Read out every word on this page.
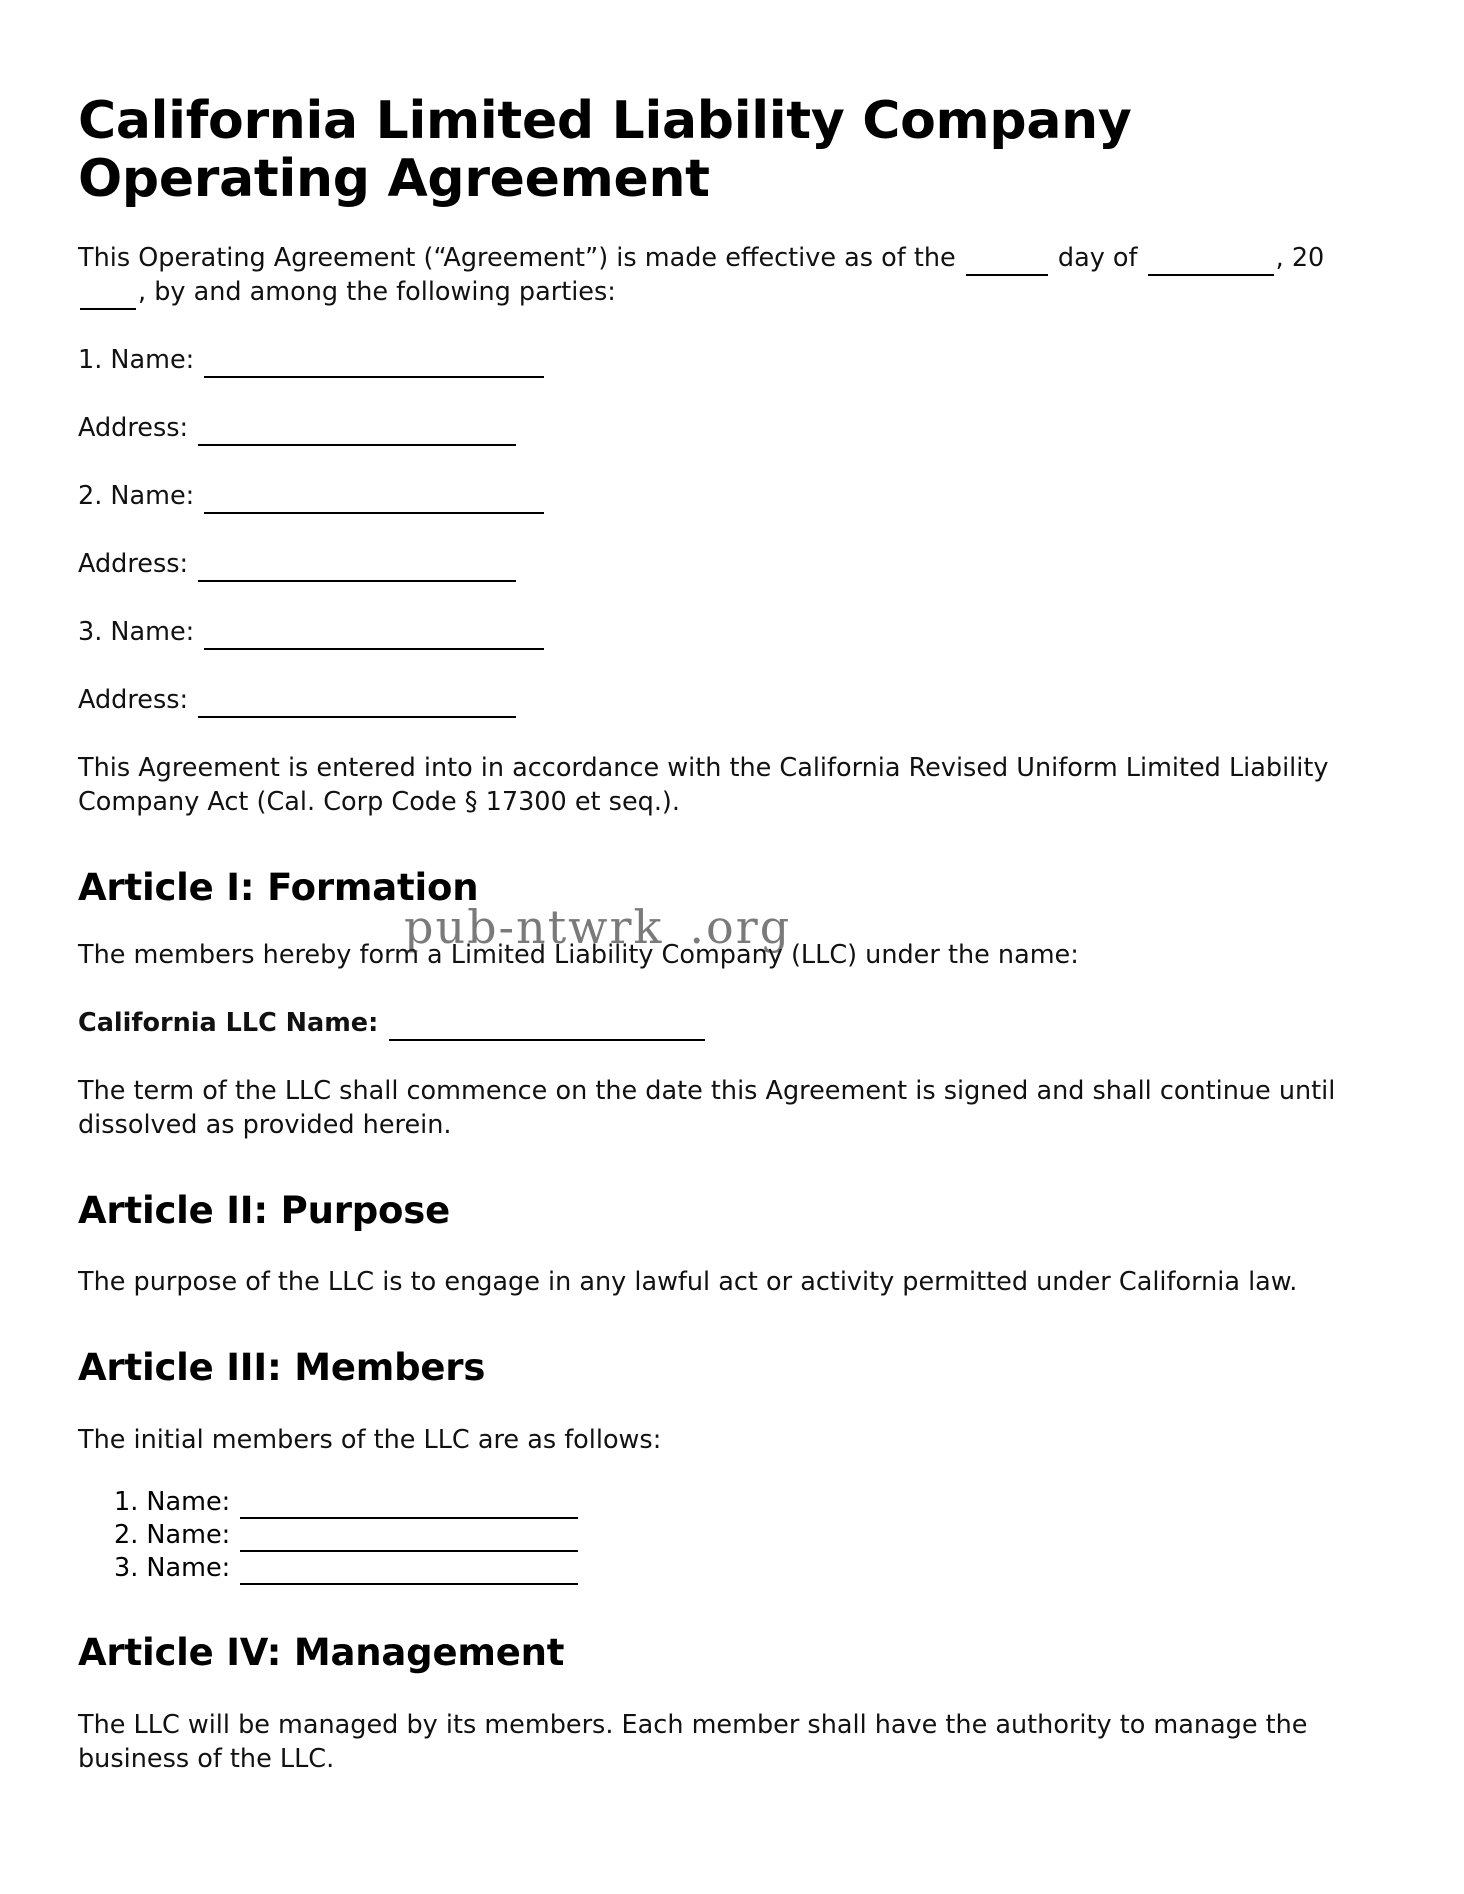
California Limited Liability Company Operating Agreement

This Operating Agreement (“Agreement”) is made effective as of the	day of	, 20, by and among the following parties:

1. Name:

Address:

2. Name:

Address:

3. Name:

Address:

This Agreement is entered into in accordance with the California Revised Uniform Limited Liability Company Act (Cal. Corp Code § 17300 et seq.).

Article I: Formation

The members hereby form a Limited Liability Company (LLC) under the name:

California LLC Name:

The term of the LLC shall commence on the date this Agreement is signed and shall continue until dissolved as provided herein.

Article II: Purpose

The purpose of the LLC is to engage in any lawful act or activity permitted under California law.

Article III: Members

The initial members of the LLC are as follows:

1. Name:
2. Name:
3. Name:
Article IV: Management

The LLC will be managed by its members. Each member shall have the authority to manage the business of the LLC.

pub-ntwrk .org
